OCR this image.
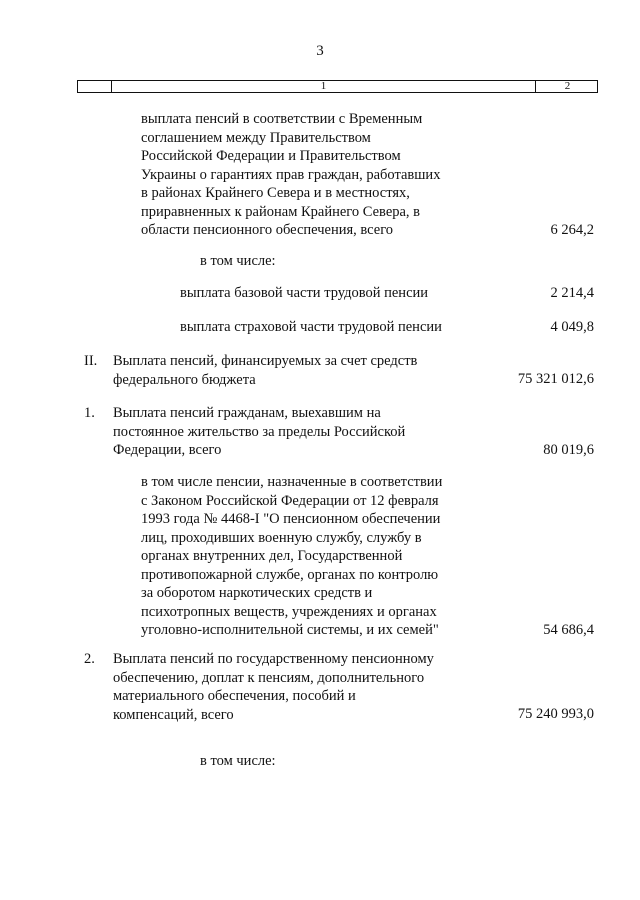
3
1	2
выплата пенсий в соответствии с Временным
соглашением между Правительством
Российской Федерации и Правительством
Украины о гарантиях прав граждан, работавших
в районах Крайнего Севера и в местностях,
приравненных к районам Крайнего Севера, в
области пенсионного обеспечения, всего	6 264,2
в том числе:
выплата базовой части трудовой пенсии	2 214,4
выплата страховой части трудовой пенсии	4 049,8
II. Выплата пенсий, финансируемых за счет средств
федерального бюджета	75 321 012,6
1. Выплата пенсий гражданам, выехавшим на
постоянное жительство за пределы Российской
Федерации, всего	80 019,6
в том числе пенсии, назначенные в соответствии
с Законом Российской Федерации от 12 февраля
1993 года № 4468-I "О пенсионном обеспечении
лиц, проходивших военную службу, службу в
органах внутренних дел, Государственной
противопожарной службе, органах по контролю
за оборотом наркотических средств и
психотропных веществ, учреждениях и органах
уголовно-исполнительной системы, и их семей"	54 686,4
2. Выплата пенсий по государственному пенсионному
обеспечению, доплат к пенсиям, дополнительного
материального обеспечения, пособий и
компенсаций, всего	75 240 993,0
в том числе:
